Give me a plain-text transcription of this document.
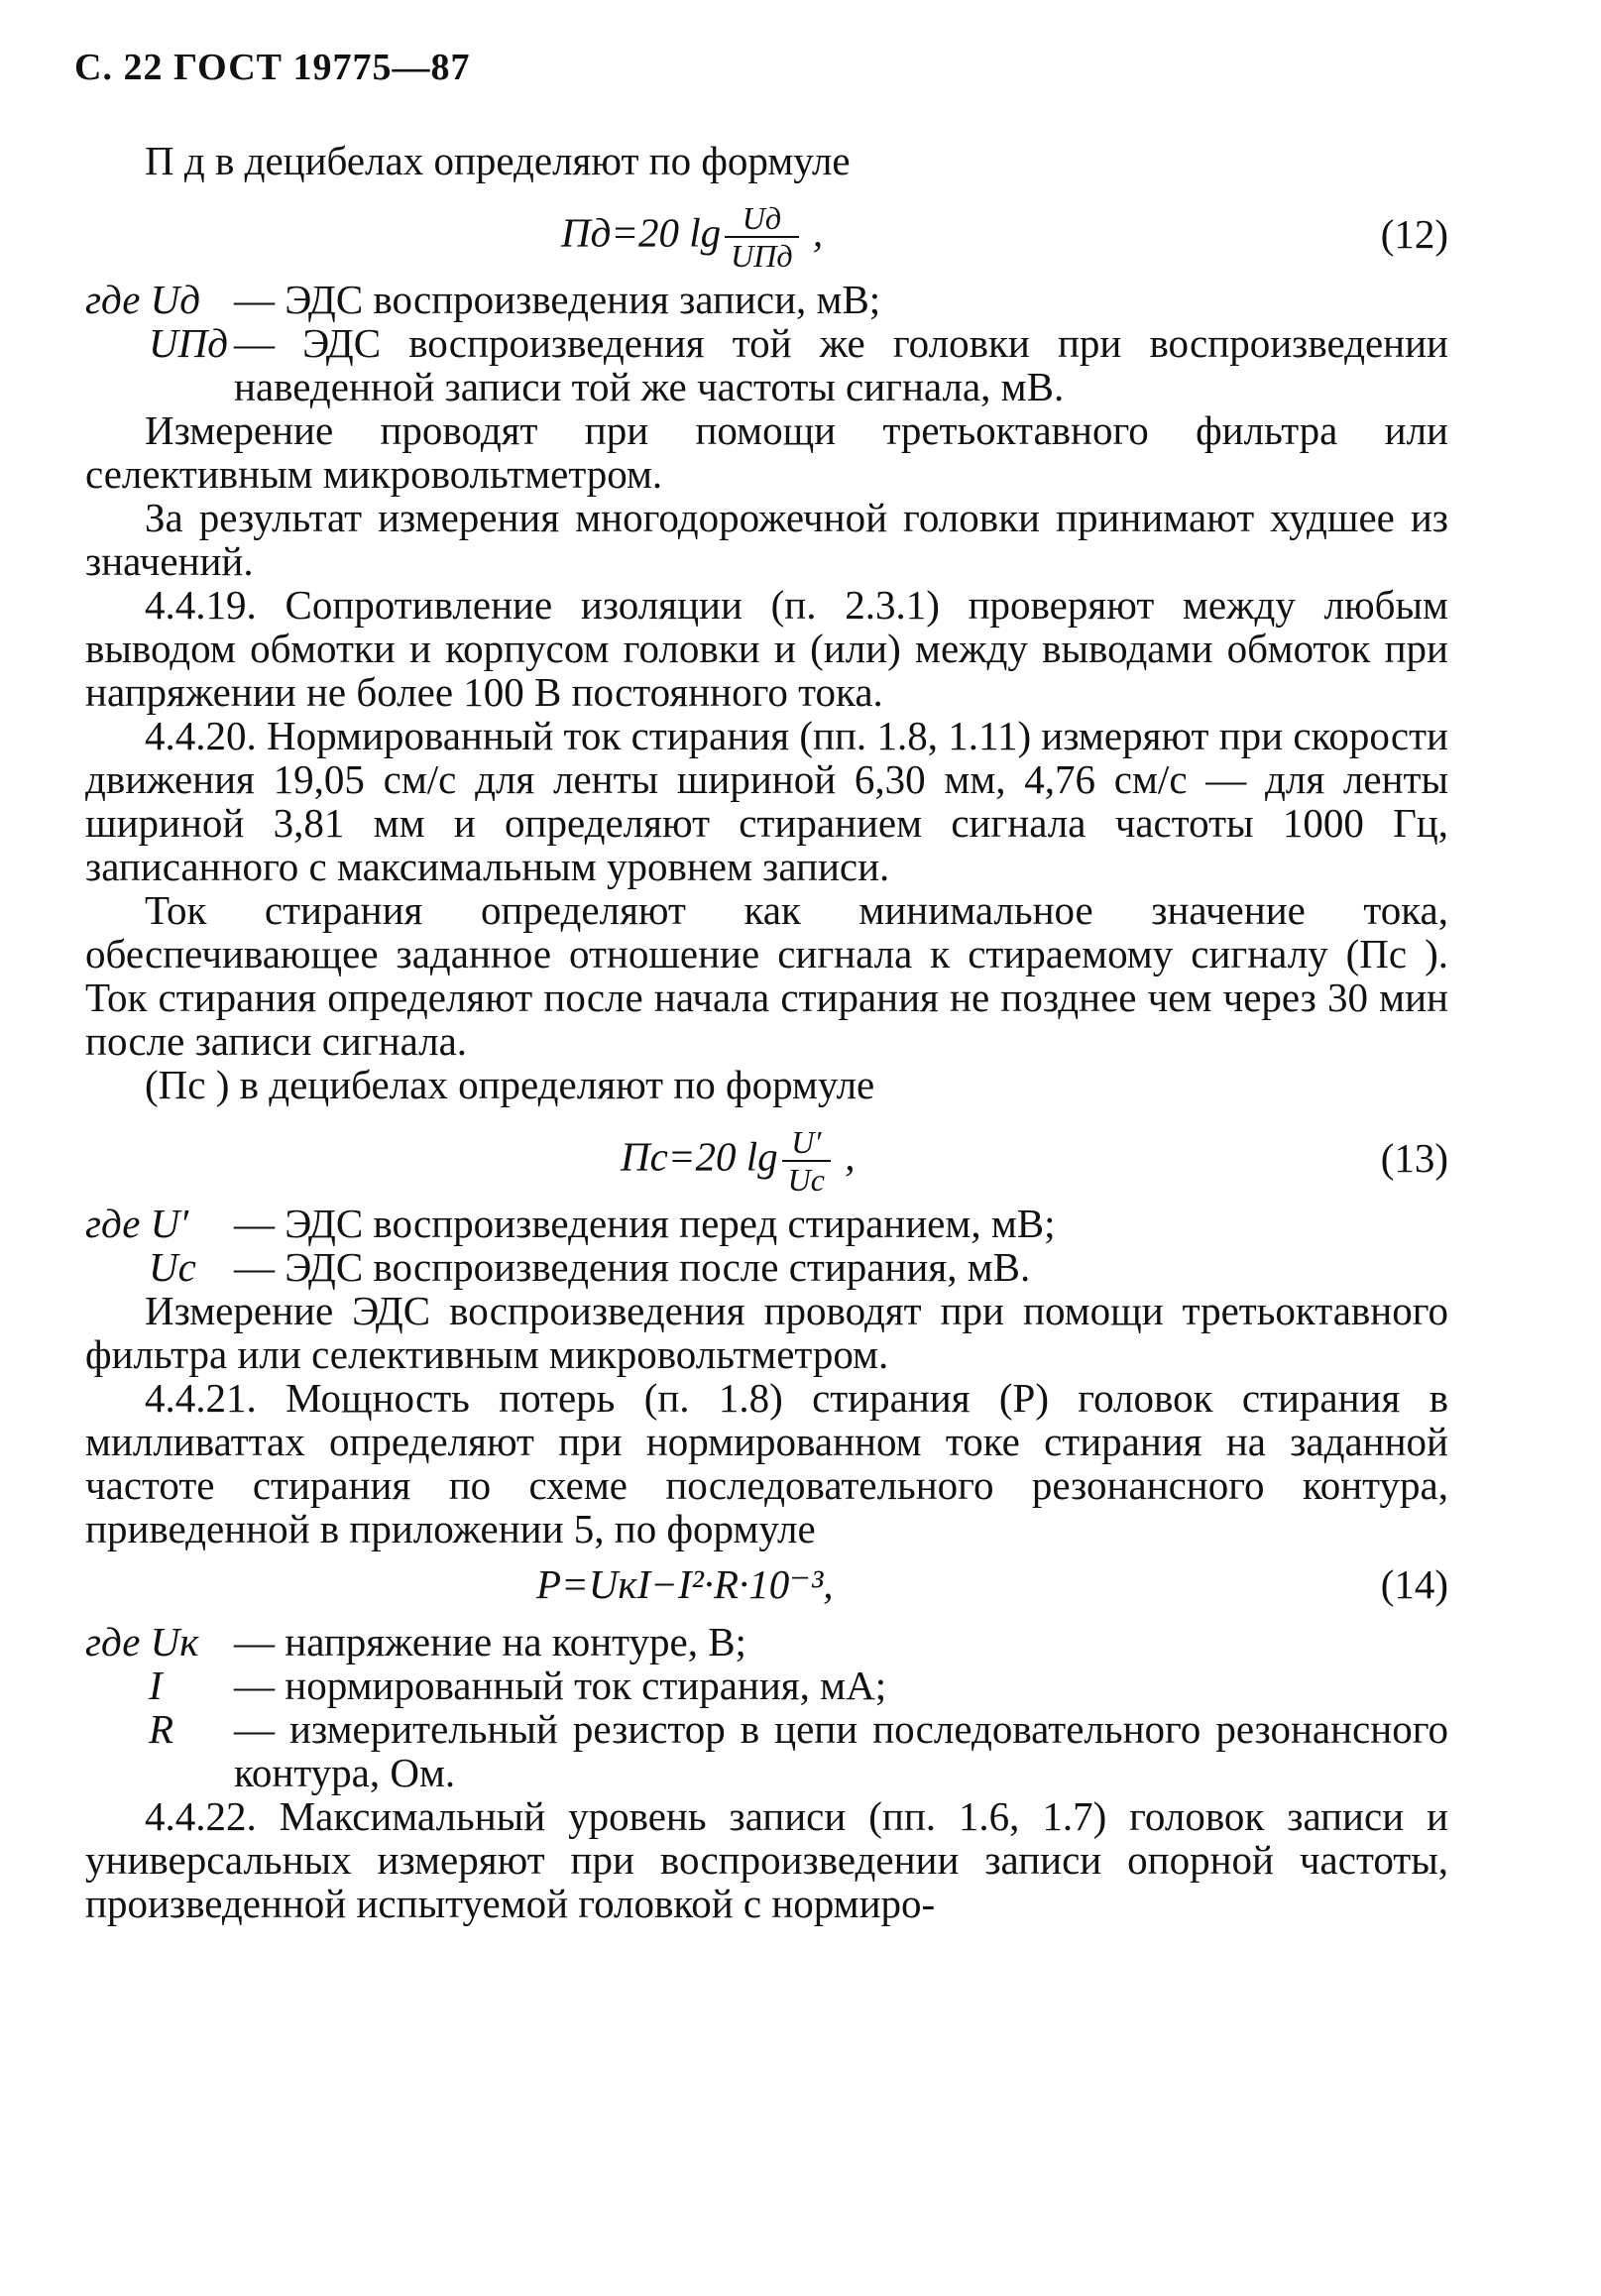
С. 22 ГОСТ 19775—87

П д в децибелах определяют по формуле

Пд=20 $\lg \frac{Uд}{\text{UПд}}$ ,	(12)
где Uд — ЭДС воспроизведения записи, мВ;
UПд — ЭДС воспроизведения той же головки при воспроизведении наведенной записи той же частоты сигнала, мВ.

Измерение проводят при помощи третьоктавного фильтра или селективным микровольтметром.

За результат измерения многодорожечной головки принимают худшее из значений.

4.4.19. Сопротивление изоляции (п. 2.3.1) проверяют между любым выводом обмотки и корпусом головки и (или) между выводами обмоток при напряжении не более 100 В постоянного тока.

4.4.20. Нормированный ток стирания (пп. 1.8, 1.11) измеряют при скорости движения 19,05 см/с для ленты шириной 6,30 мм, 4,76 см/с — для ленты шириной 3,81 мм и определяют стиранием сигнала частоты 1000 Гц, записанного с максимальным уровнем записи.

Ток стирания определяют как минимальное значение тока, обеспечивающее заданное отношение сигнала к стираемому сигналу (Пс ). Ток стирания определяют после начала стирания не позднее чем через 30 мин после записи сигнала.

(Пс ) в децибелах определяют по формуле

Пс=20 $\lg \frac{U'}{Uс}$ ,	(13)
где U′	— ЭДС воспроизведения перед стиранием, мВ;
Uс — ЭДС воспроизведения после стирания, мВ.

Измерение ЭДС воспроизведения проводят при помощи третьоктавного фильтра или селективным микровольтметром.

4.4.21. Мощность потерь (п. 1.8) стирания (Р) головок стирания в милливаттах определяют при нормированном токе стирания на заданной частоте стирания по схеме последовательного резонансного контура, приведенной в приложении 5, по формуле

P=UкI−I²·R·10⁻³,	(14)
где Uк — напряжение на контуре, В;
I	— нормированный ток стирания, мА;
R	— измерительный резистор в цепи последовательного резонансного контура, Ом.

4.4.22. Максимальный уровень записи (пп. 1.6, 1.7) головок записи и универсальных измеряют при воспроизведении записи опорной частоты, произведенной испытуемой головкой с нормиро-
